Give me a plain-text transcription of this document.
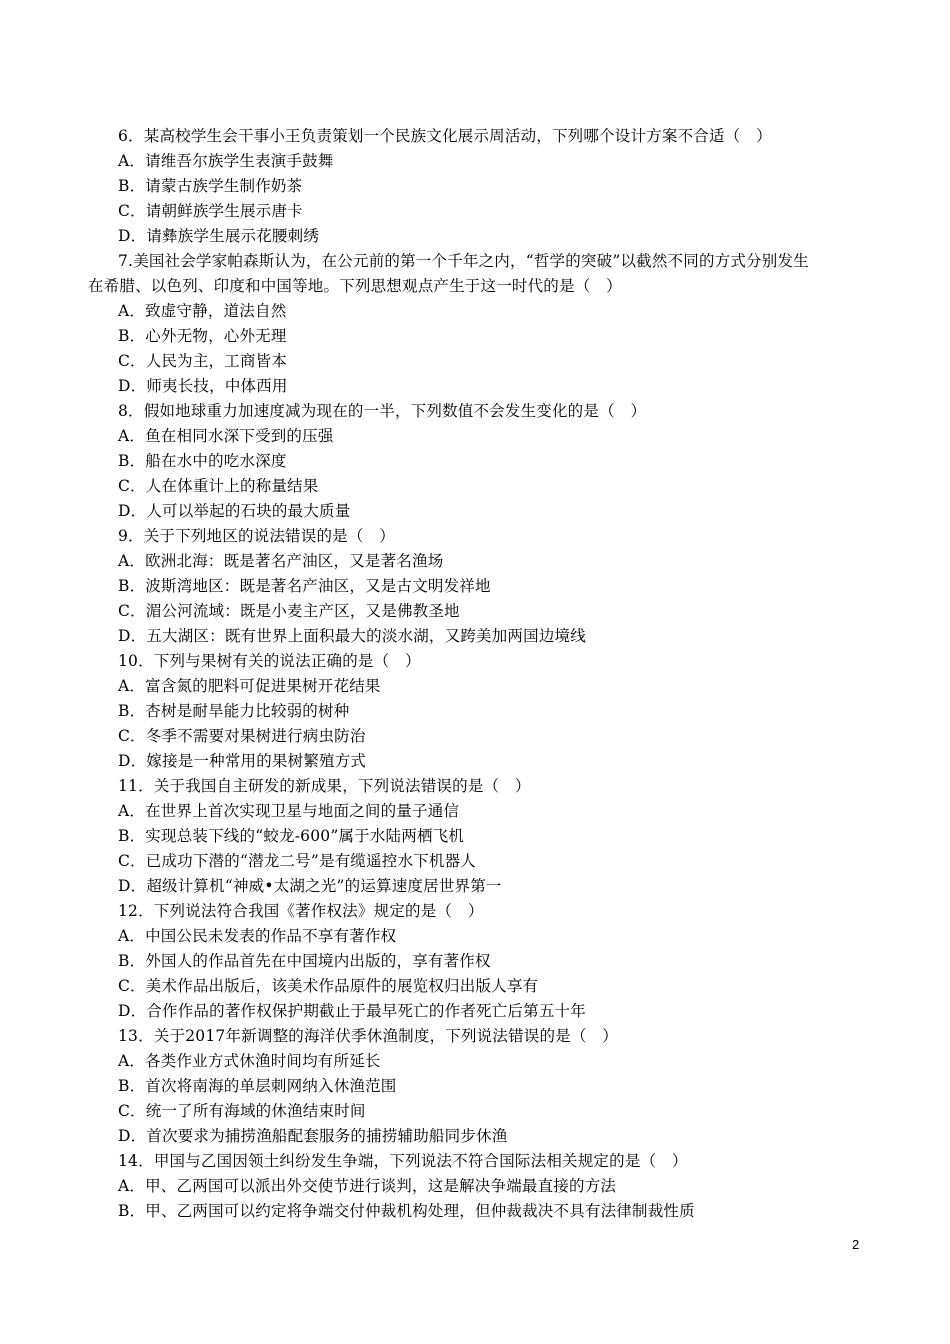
6．某高校学生会干事小王负责策划一个民族文化展示周活动，下列哪个设计方案不合适（　）
A．请维吾尔族学生表演手鼓舞
B．请蒙古族学生制作奶茶
C．请朝鲜族学生展示唐卡
D．请彝族学生展示花腰刺绣
7.美国社会学家帕森斯认为，在公元前的第一个千年之内，“哲学的突破”以截然不同的方式分别发生
在希腊、以色列、印度和中国等地。下列思想观点产生于这一时代的是（　）
A．致虚守静，道法自然
B．心外无物，心外无理
C．人民为主，工商皆本
D．师夷长技，中体西用
8．假如地球重力加速度减为现在的一半，下列数值不会发生变化的是（　）
A．鱼在相同水深下受到的压强
B．船在水中的吃水深度
C．人在体重计上的称量结果
D．人可以举起的石块的最大质量
9．关于下列地区的说法错误的是（　）
A．欧洲北海：既是著名产油区，又是著名渔场
B．波斯湾地区：既是著名产油区，又是古文明发祥地
C．湄公河流域：既是小麦主产区，又是佛教圣地
D．五大湖区：既有世界上面积最大的淡水湖，又跨美加两国边境线
10．下列与果树有关的说法正确的是（　）
A．富含氮的肥料可促进果树开花结果
B．杏树是耐旱能力比较弱的树种
C．冬季不需要对果树进行病虫防治
D．嫁接是一种常用的果树繁殖方式
11．关于我国自主研发的新成果，下列说法错误的是（　）
A．在世界上首次实现卫星与地面之间的量子通信
B．实现总装下线的“蛟龙-600”属于水陆两栖飞机
C．已成功下潜的“潜龙二号”是有缆遥控水下机器人
D．超级计算机“神威•太湖之光”的运算速度居世界第一
12．下列说法符合我国《著作权法》规定的是（　）
A．中国公民未发表的作品不享有著作权
B．外国人的作品首先在中国境内出版的，享有著作权
C．美术作品出版后，该美术作品原件的展览权归出版人享有
D．合作作品的著作权保护期截止于最早死亡的作者死亡后第五十年
13．关于2017年新调整的海洋伏季休渔制度，下列说法错误的是（　）
A．各类作业方式休渔时间均有所延长
B．首次将南海的单层刺网纳入休渔范围
C．统一了所有海域的休渔结束时间
D．首次要求为捕捞渔船配套服务的捕捞辅助船同步休渔
14．甲国与乙国因领土纠纷发生争端，下列说法不符合国际法相关规定的是（　）
A．甲、乙两国可以派出外交使节进行谈判，这是解决争端最直接的方法
B．甲、乙两国可以约定将争端交付仲裁机构处理，但仲裁裁决不具有法律制裁性质
2
